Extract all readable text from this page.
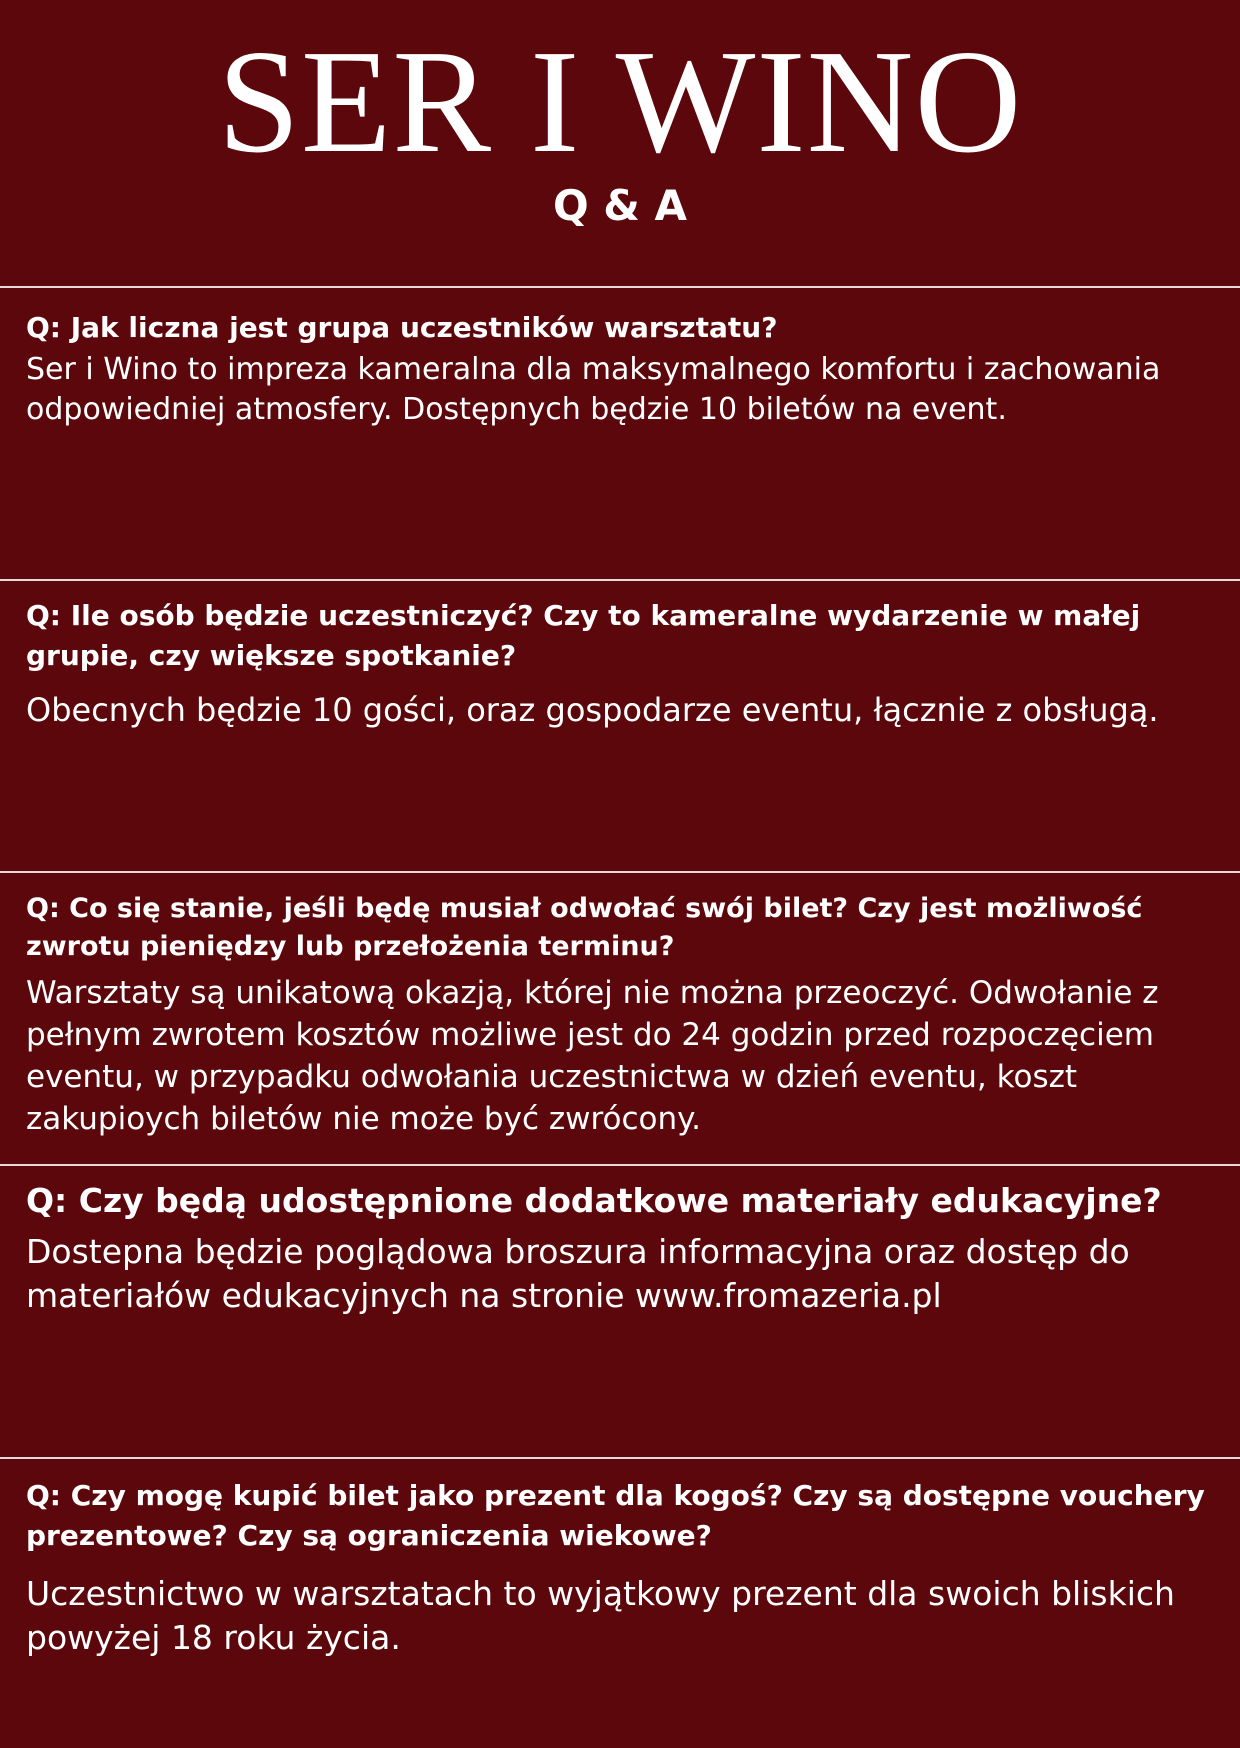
SER I WINO
Q & A

Q: Jak liczna jest grupa uczestników warsztatu?

Ser i Wino to impreza kameralna dla maksymalnego komfortu i zachowania odpowiedniej atmosfery. Dostępnych będzie 10 biletów na event.

Q: Ile osób będzie uczestniczyć? Czy to kameralne wydarzenie w małej grupie, czy większe spotkanie?

Obecnych będzie 10 gości, oraz gospodarze eventu, łącznie z obsługą.

Q: Co się stanie, jeśli będę musiał odwołać swój bilet? Czy jest możliwość zwrotu pieniędzy lub przełożenia terminu?

Warsztaty są unikatową okazją, której nie można przeoczyć. Odwołanie z pełnym zwrotem kosztów możliwe jest do 24 godzin przed rozpoczęciem eventu, w przypadku odwołania uczestnictwa w dzień eventu, koszt zakupioych biletów nie może być zwrócony.

Q: Czy będą udostępnione dodatkowe materiały edukacyjne?

Dostepna będzie poglądowa broszura informacyjna oraz dostęp do materiałów edukacyjnych na stronie www.fromazeria.pl

Q: Czy mogę kupić bilet jako prezent dla kogoś? Czy są dostępne vouchery prezentowe? Czy są ograniczenia wiekowe?

Uczestnictwo w warsztatach to wyjątkowy prezent dla swoich bliskich powyżej 18 roku życia.
